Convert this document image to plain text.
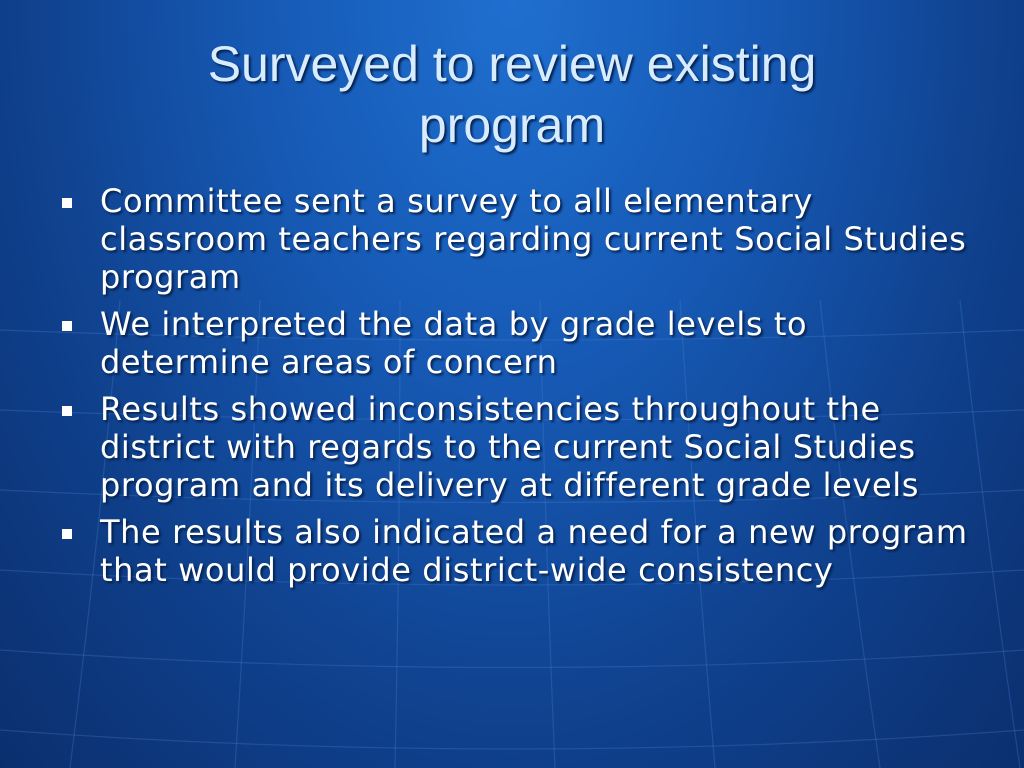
Surveyed to review existing program
Committee sent a survey to all elementary classroom teachers regarding current Social Studies program
We interpreted the data by grade levels to determine areas of concern
Results showed inconsistencies throughout the district with regards to the current Social Studies program and its delivery at different grade levels
The results also indicated a need for a new program that would provide district-wide consistency
